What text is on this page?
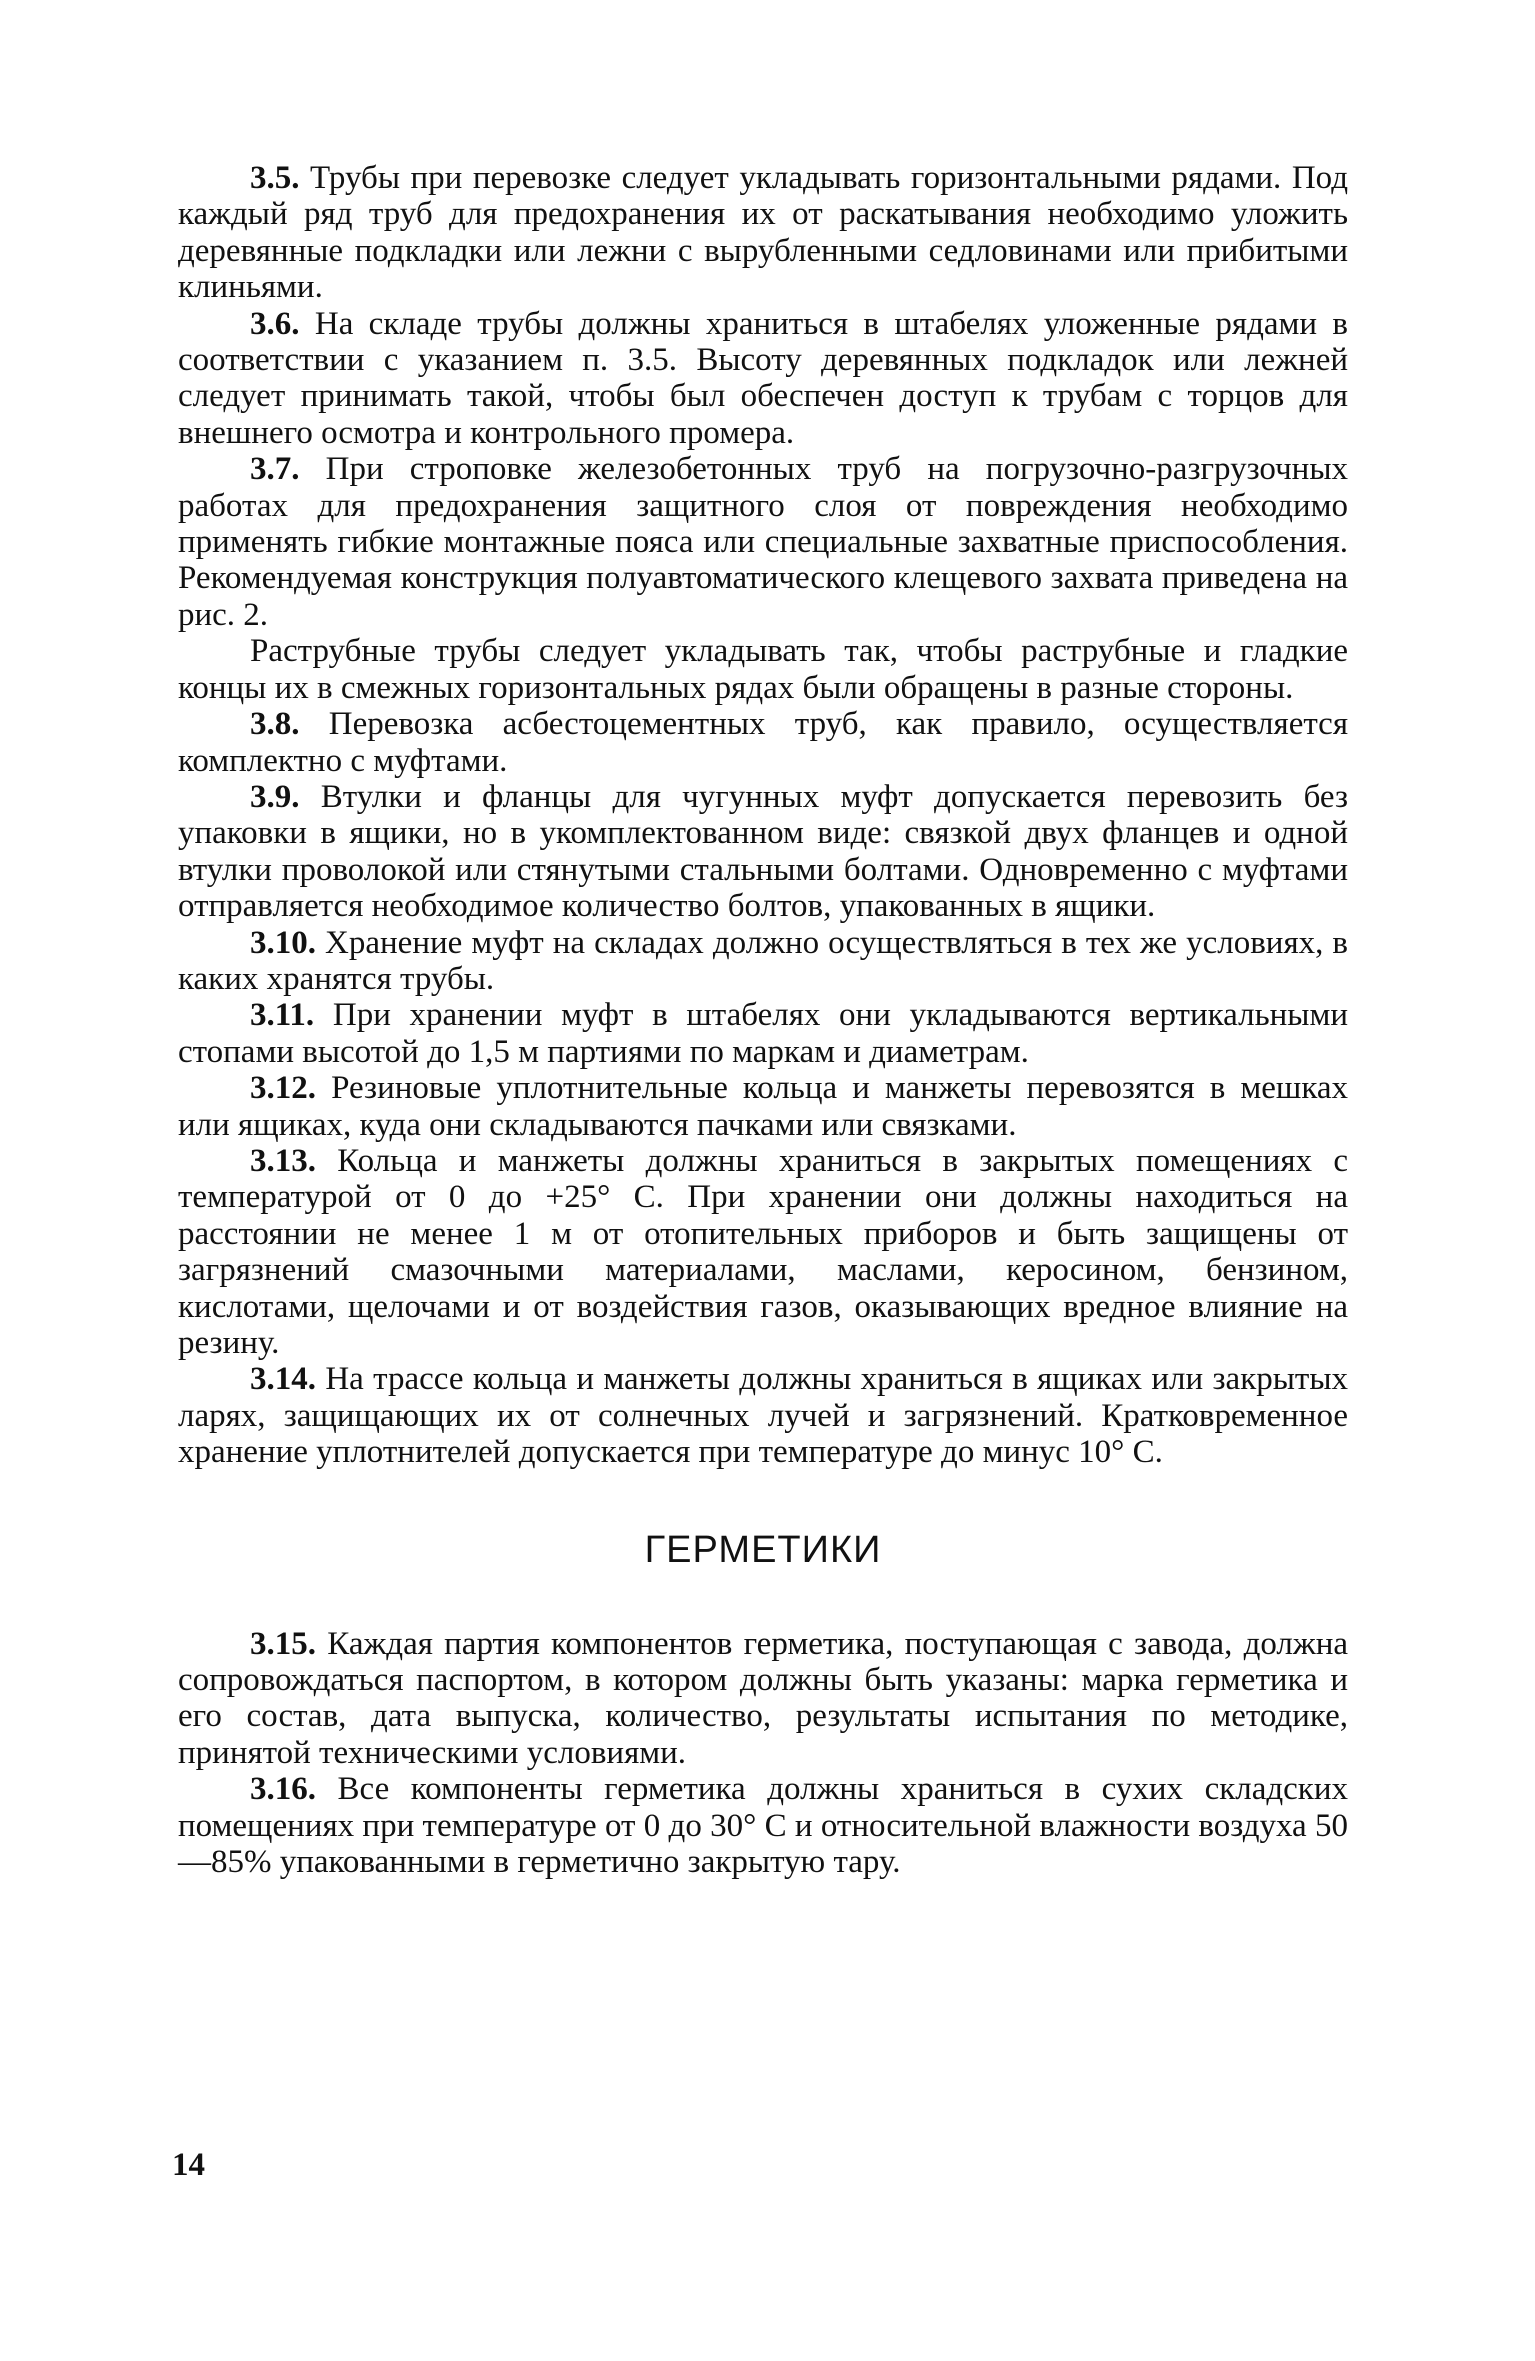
3.5. Трубы при перевозке следует укладывать горизонтальными рядами. Под каждый ряд труб для предохранения их от раскатывания необходимо уложить деревянные подкладки или лежни с вырубленными седловинами или прибитыми клиньями.

3.6. На складе трубы должны храниться в штабелях уложенные рядами в соответствии с указанием п. 3.5. Высоту деревянных подкладок или лежней следует принимать такой, чтобы был обеспечен доступ к трубам с торцов для внешнего осмотра и контрольного промера.

3.7. При строповке железобетонных труб на погрузочно-разгрузочных работах для предохранения защитного слоя от повреждения необходимо применять гибкие монтажные пояса или специальные захватные приспособления. Рекомендуемая конструкция полуавтоматического клещевого захвата приведена на рис. 2.

Раструбные трубы следует укладывать так, чтобы раструбные и гладкие концы их в смежных горизонтальных рядах были обращены в разные стороны.

3.8. Перевозка асбестоцементных труб, как правило, осуществляется комплектно с муфтами.

3.9. Втулки и фланцы для чугунных муфт допускается перевозить без упаковки в ящики, но в укомплектованном виде: связкой двух фланцев и одной втулки проволокой или стянутыми стальными болтами. Одновременно с муфтами отправляется необходимое количество болтов, упакованных в ящики.

3.10. Хранение муфт на складах должно осуществляться в тех же условиях, в каких хранятся трубы.

3.11. При хранении муфт в штабелях они укладываются вертикальными стопами высотой до 1,5 м партиями по маркам и диаметрам.

3.12. Резиновые уплотнительные кольца и манжеты перевозятся в мешках или ящиках, куда они складываются пачками или связками.

3.13. Кольца и манжеты должны храниться в закрытых помещениях с температурой от 0 до +25° С. При хранении они должны находиться на расстоянии не менее 1 м от отопительных приборов и быть защищены от загрязнений смазочными материалами, маслами, керосином, бензином, кислотами, щелочами и от воздействия газов, оказывающих вредное влияние на резину.

3.14. На трассе кольца и манжеты должны храниться в ящиках или закрытых ларях, защищающих их от солнечных лучей и загрязнений. Кратковременное хранение уплотнителей допускается при температуре до минус 10° С.

ГЕРМЕТИКИ

3.15. Каждая партия компонентов герметика, поступающая с завода, должна сопровождаться паспортом, в котором должны быть указаны: марка герметика и его состав, дата выпуска, количество, результаты испытания по методике, принятой техническими условиями.

3.16. Все компоненты герметика должны храниться в сухих складских помещениях при температуре от 0 до 30° С и относительной влажности воздуха 50—85% упакованными в герметично закрытую тару.

14
